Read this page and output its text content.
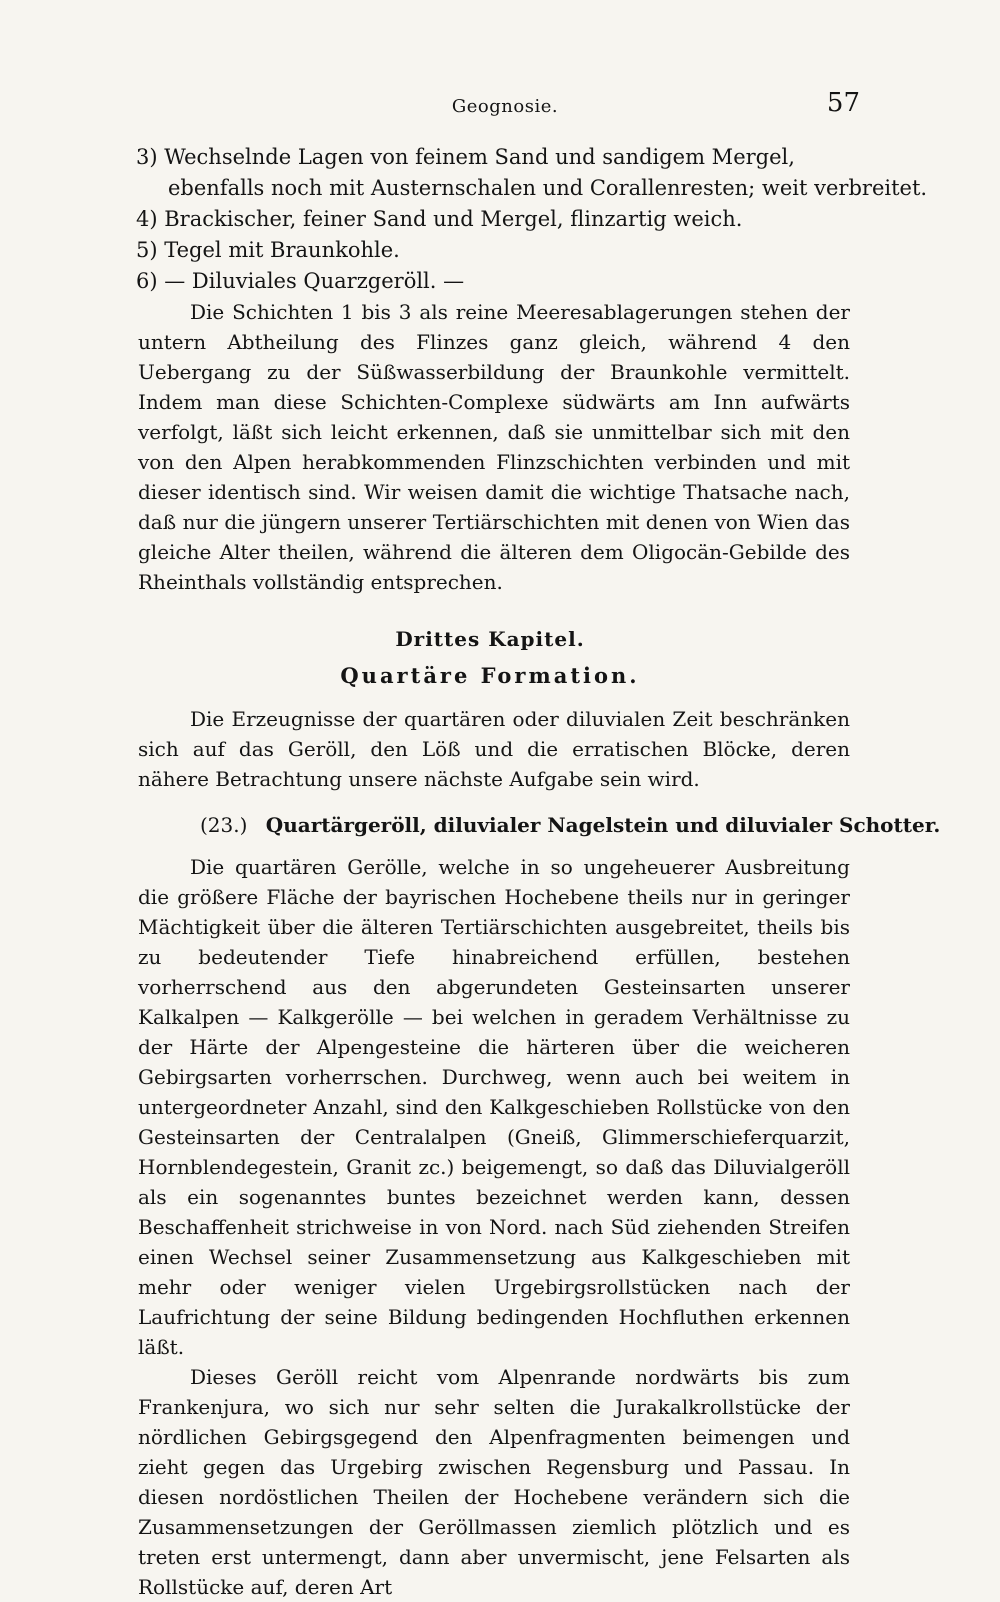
Geognosie.	57
3) Wechselnde Lagen von feinem Sand und sandigem Mergel,
ebenfalls noch mit Austernschalen und Corallenresten; weit verbreitet.
4) Brackischer, feiner Sand und Mergel, flinzartig weich.
5) Tegel mit Braunkohle.
6) — Diluviales Quarzgeröll. —

Die Schichten 1 bis 3 als reine Meeresablagerungen stehen der untern Abtheilung des Flinzes ganz gleich, während 4 den Uebergang zu der Süßwasserbildung der Braunkohle vermittelt. Indem man diese Schichten-Complexe südwärts am Inn aufwärts verfolgt, läßt sich leicht erkennen, daß sie unmittelbar sich mit den von den Alpen herabkommenden Flinzschichten verbinden und mit dieser identisch sind. Wir weisen damit die wichtige Thatsache nach, daß nur die jüngern unserer Tertiärschichten mit denen von Wien das gleiche Alter theilen, während die älteren dem Oligocän-Gebilde des Rheinthals vollständig entsprechen.

Drittes Kapitel.
Quartäre Formation.

Die Erzeugnisse der quartären oder diluvialen Zeit beschränken sich auf das Geröll, den Löß und die erratischen Blöcke, deren nähere Betrachtung unsere nächste Aufgabe sein wird.

(23.) Quartärgeröll, diluvialer Nagelstein und diluvialer Schotter.

Die quartären Gerölle, welche in so ungeheuerer Ausbreitung die größere Fläche der bayrischen Hochebene theils nur in geringer Mächtigkeit über die älteren Tertiärschichten ausgebreitet, theils bis zu bedeutender Tiefe hinabreichend erfüllen, bestehen vorherrschend aus den abgerundeten Gesteinsarten unserer Kalkalpen — Kalkgerölle — bei welchen in geradem Verhältnisse zu der Härte der Alpengesteine die härteren über die weicheren Gebirgsarten vorherrschen. Durchweg, wenn auch bei weitem in untergeordneter Anzahl, sind den Kalkgeschieben Rollstücke von den Gesteinsarten der Centralalpen (Gneiß, Glimmerschieferquarzit, Hornblendegestein, Granit zc.) beigemengt, so daß das Diluvialgeröll als ein sogenanntes buntes bezeichnet werden kann, dessen Beschaffenheit strichweise in von Nord. nach Süd ziehenden Streifen einen Wechsel seiner Zusammensetzung aus Kalkgeschieben mit mehr oder weniger vielen Urgebirgsrollstücken nach der Laufrichtung der seine Bildung bedingenden Hochfluthen erkennen läßt.

Dieses Geröll reicht vom Alpenrande nordwärts bis zum Frankenjura, wo sich nur sehr selten die Jurakalkrollstücke der nördlichen Gebirgsgegend den Alpenfragmenten beimengen und zieht gegen das Urgebirg zwischen Regensburg und Passau. In diesen nordöstlichen Theilen der Hochebene verändern sich die Zusammensetzungen der Geröllmassen ziemlich plötzlich und es treten erst untermengt, dann aber unvermischt, jene Felsarten als Rollstücke auf, deren Art
